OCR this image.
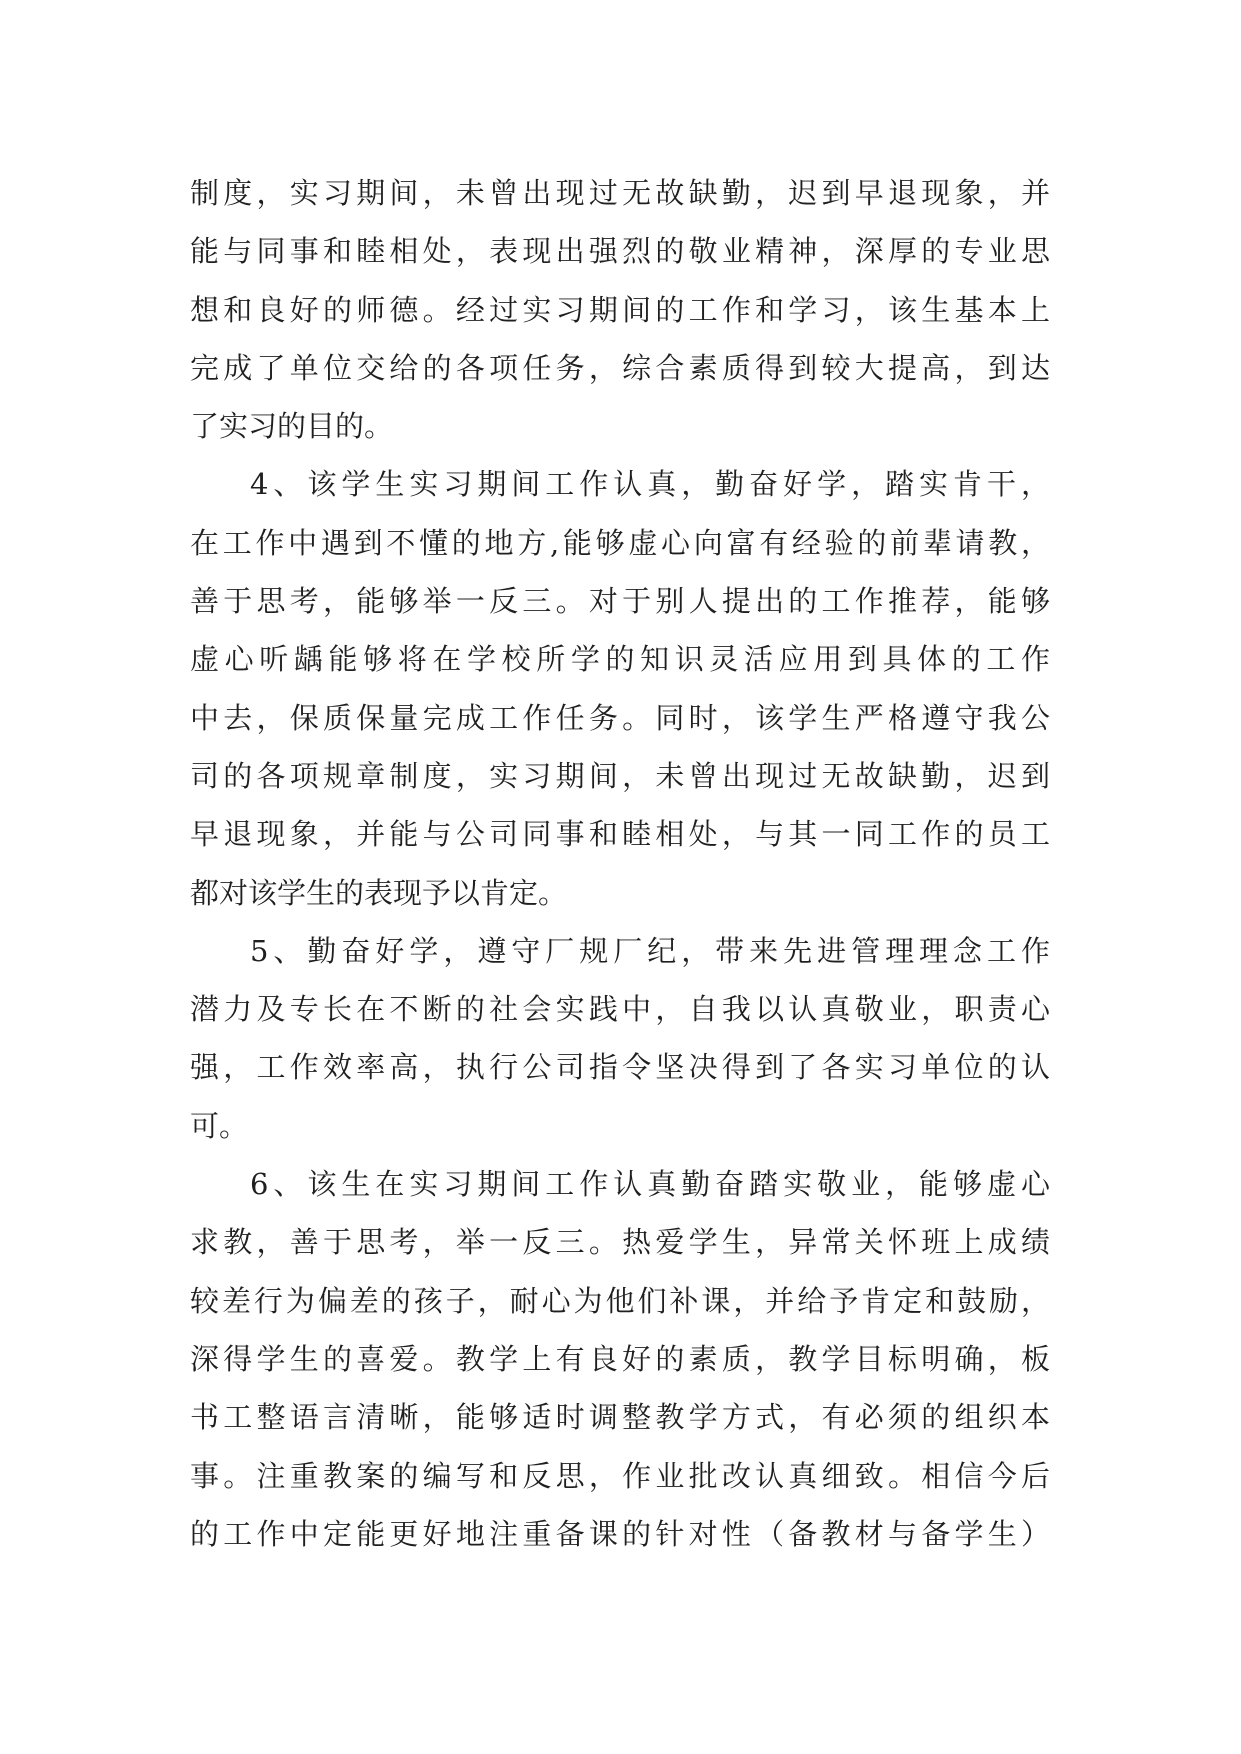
制度，实习期间，未曾出现过无故缺勤，迟到早退现象，并
能与同事和睦相处，表现出强烈的敬业精神，深厚的专业思
想和良好的师德。经过实习期间的工作和学习，该生基本上
完成了单位交给的各项任务，综合素质得到较大提高，到达
了实习的目的。
4、该学生实习期间工作认真，勤奋好学，踏实肯干，
在工作中遇到不懂的地方,能够虚心向富有经验的前辈请教，
善于思考，能够举一反三。对于别人提出的工作推荐，能够
虚心听龋能够将在学校所学的知识灵活应用到具体的工作
中去，保质保量完成工作任务。同时，该学生严格遵守我公
司的各项规章制度，实习期间，未曾出现过无故缺勤，迟到
早退现象，并能与公司同事和睦相处，与其一同工作的员工
都对该学生的表现予以肯定。
5、勤奋好学，遵守厂规厂纪，带来先进管理理念工作
潜力及专长在不断的社会实践中，自我以认真敬业，职责心
强，工作效率高，执行公司指令坚决得到了各实习单位的认
可。
6、该生在实习期间工作认真勤奋踏实敬业，能够虚心
求教，善于思考，举一反三。热爱学生，异常关怀班上成绩
较差行为偏差的孩子，耐心为他们补课，并给予肯定和鼓励，
深得学生的喜爱。教学上有良好的素质，教学目标明确，板
书工整语言清晰，能够适时调整教学方式，有必须的组织本
事。注重教案的编写和反思，作业批改认真细致。相信今后
的工作中定能更好地注重备课的针对性（备教材与备学生）
